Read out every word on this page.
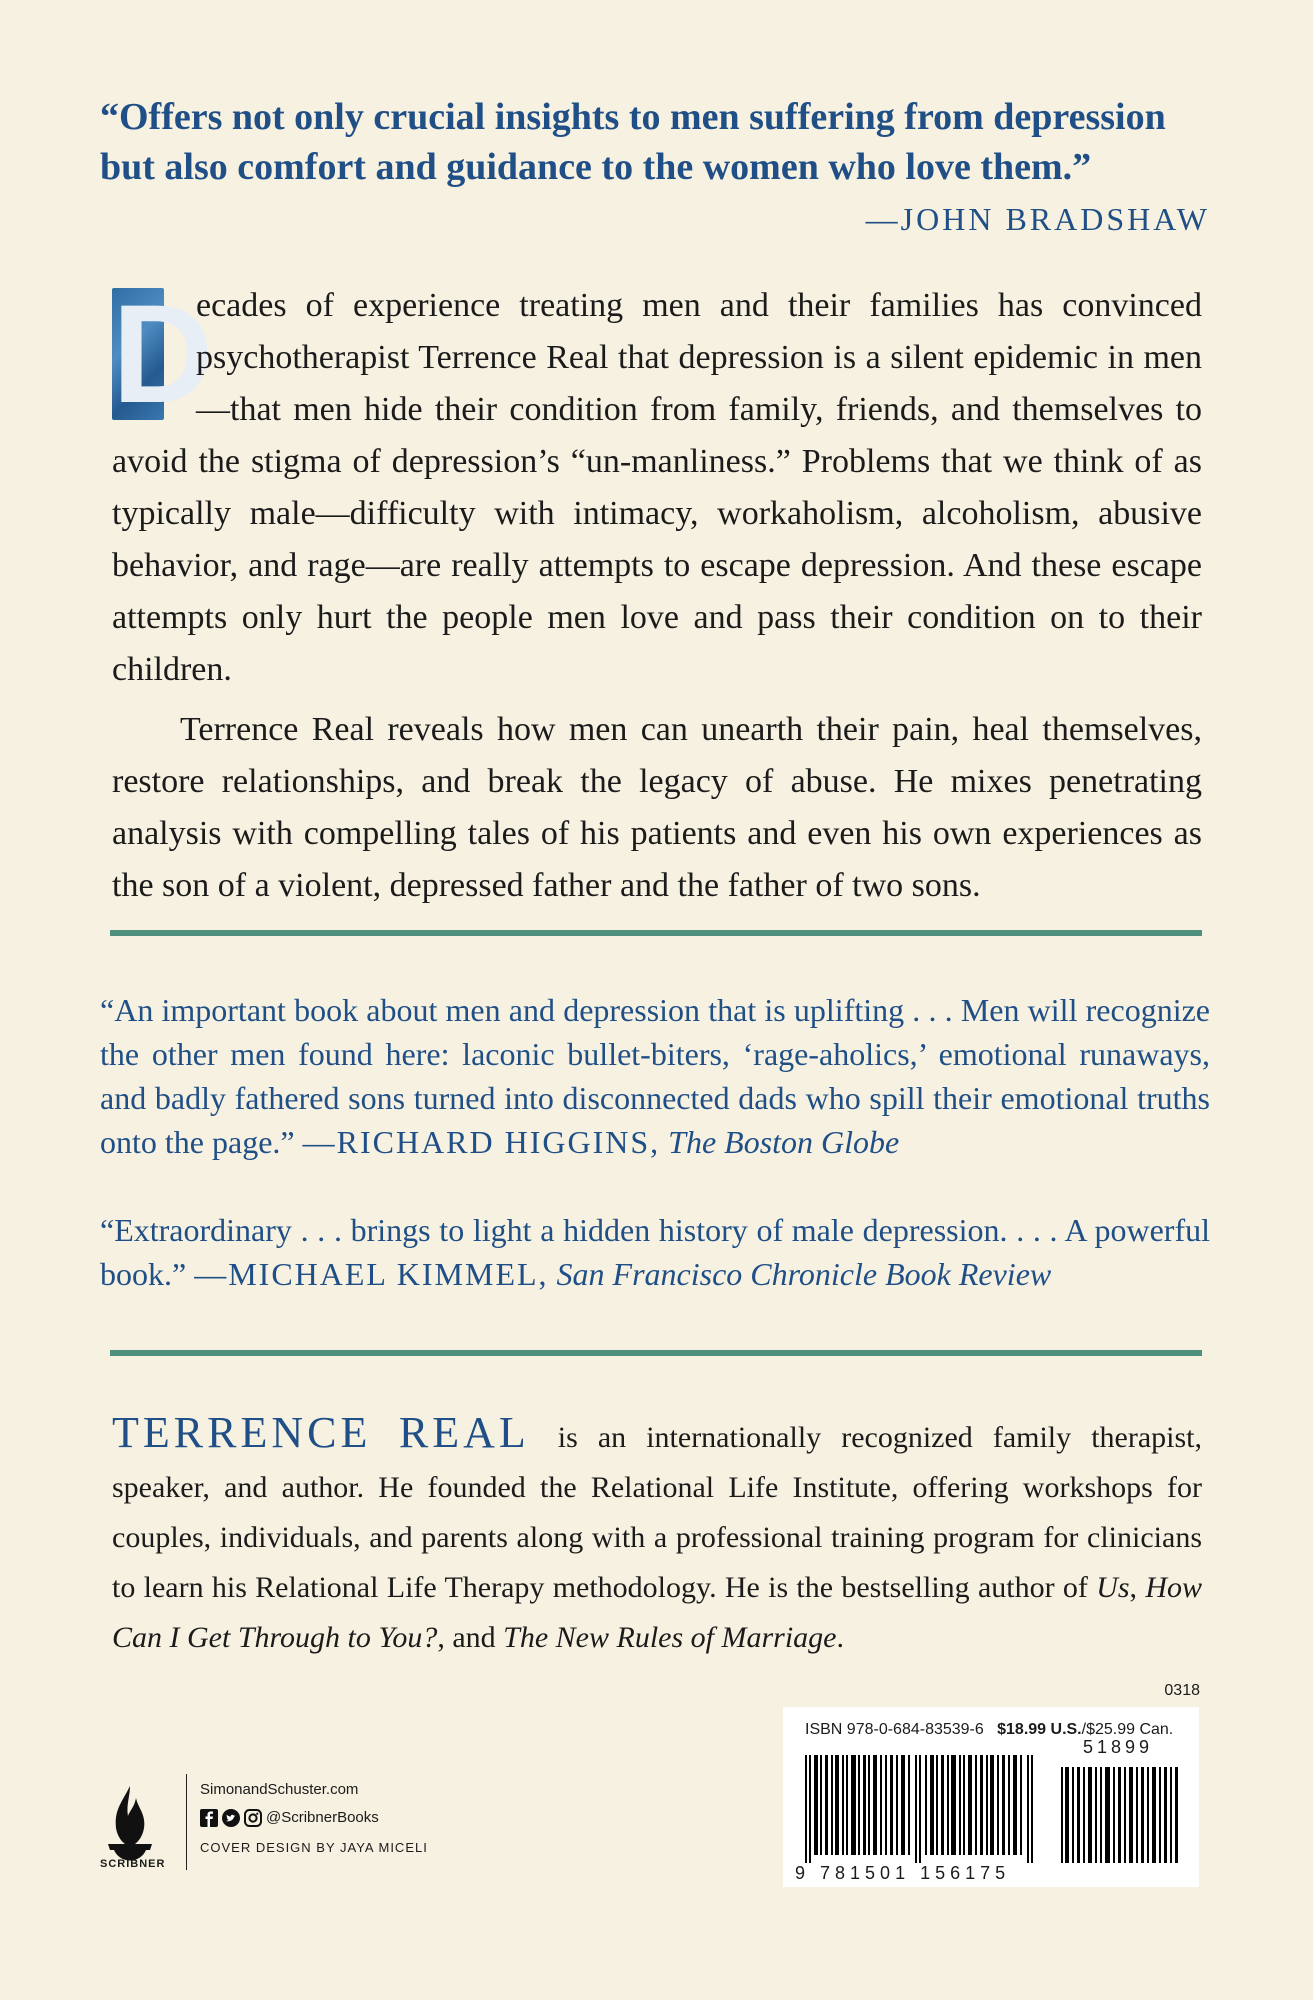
“Offers not only crucial insights to men suffering from depression but also comfort and guidance to the women who love them.”
—JOHN BRADSHAW

D
ecades of experience treating men and their families has convinced psychotherapist Terrence Real that depression is a silent epidemic in men—that men hide their condition from family, friends, and themselves to avoid the stigma of depression’s “un-manliness.” Problems that we think of as typically male—difficulty with intimacy, workaholism, alcoholism, abusive behavior, and rage—are really attempts to escape depression. And these escape attempts only hurt the people men love and pass their condition on to their children.

Terrence Real reveals how men can unearth their pain, heal themselves, restore relationships, and break the legacy of abuse. He mixes penetrating analysis with compelling tales of his patients and even his own experiences as the son of a violent, depressed father and the father of two sons.

“An important book about men and depression that is uplifting . . . Men will recognize the other men found here: laconic bullet-biters, ‘rage-aholics,’ emotional runaways, and badly fathered sons turned into disconnected dads who spill their emotional truths onto the page.” —RICHARD HIGGINS, The Boston Globe
“Extraordinary . . . brings to light a hidden history of male depression. . . . A powerful book.” —MICHAEL KIMMEL, San Francisco Chronicle Book Review
TERRENCE REAL is an internationally recognized family therapist, speaker, and author. He founded the Relational Life Institute, offering workshops for couples, individuals, and parents along with a professional training program for clinicians to learn his Relational Life Therapy methodology. He is the bestselling author of Us, How Can I Get Through to You?, and The New Rules of Marriage.
0318
ISBN 978-0-684-83539-6 $18.99 U.S./$25.99 Can.
51899
9 781501 156175
SCRIBNER
SimonandSchuster.com
@ScribnerBooks
COVER DESIGN BY JAYA MICELI
